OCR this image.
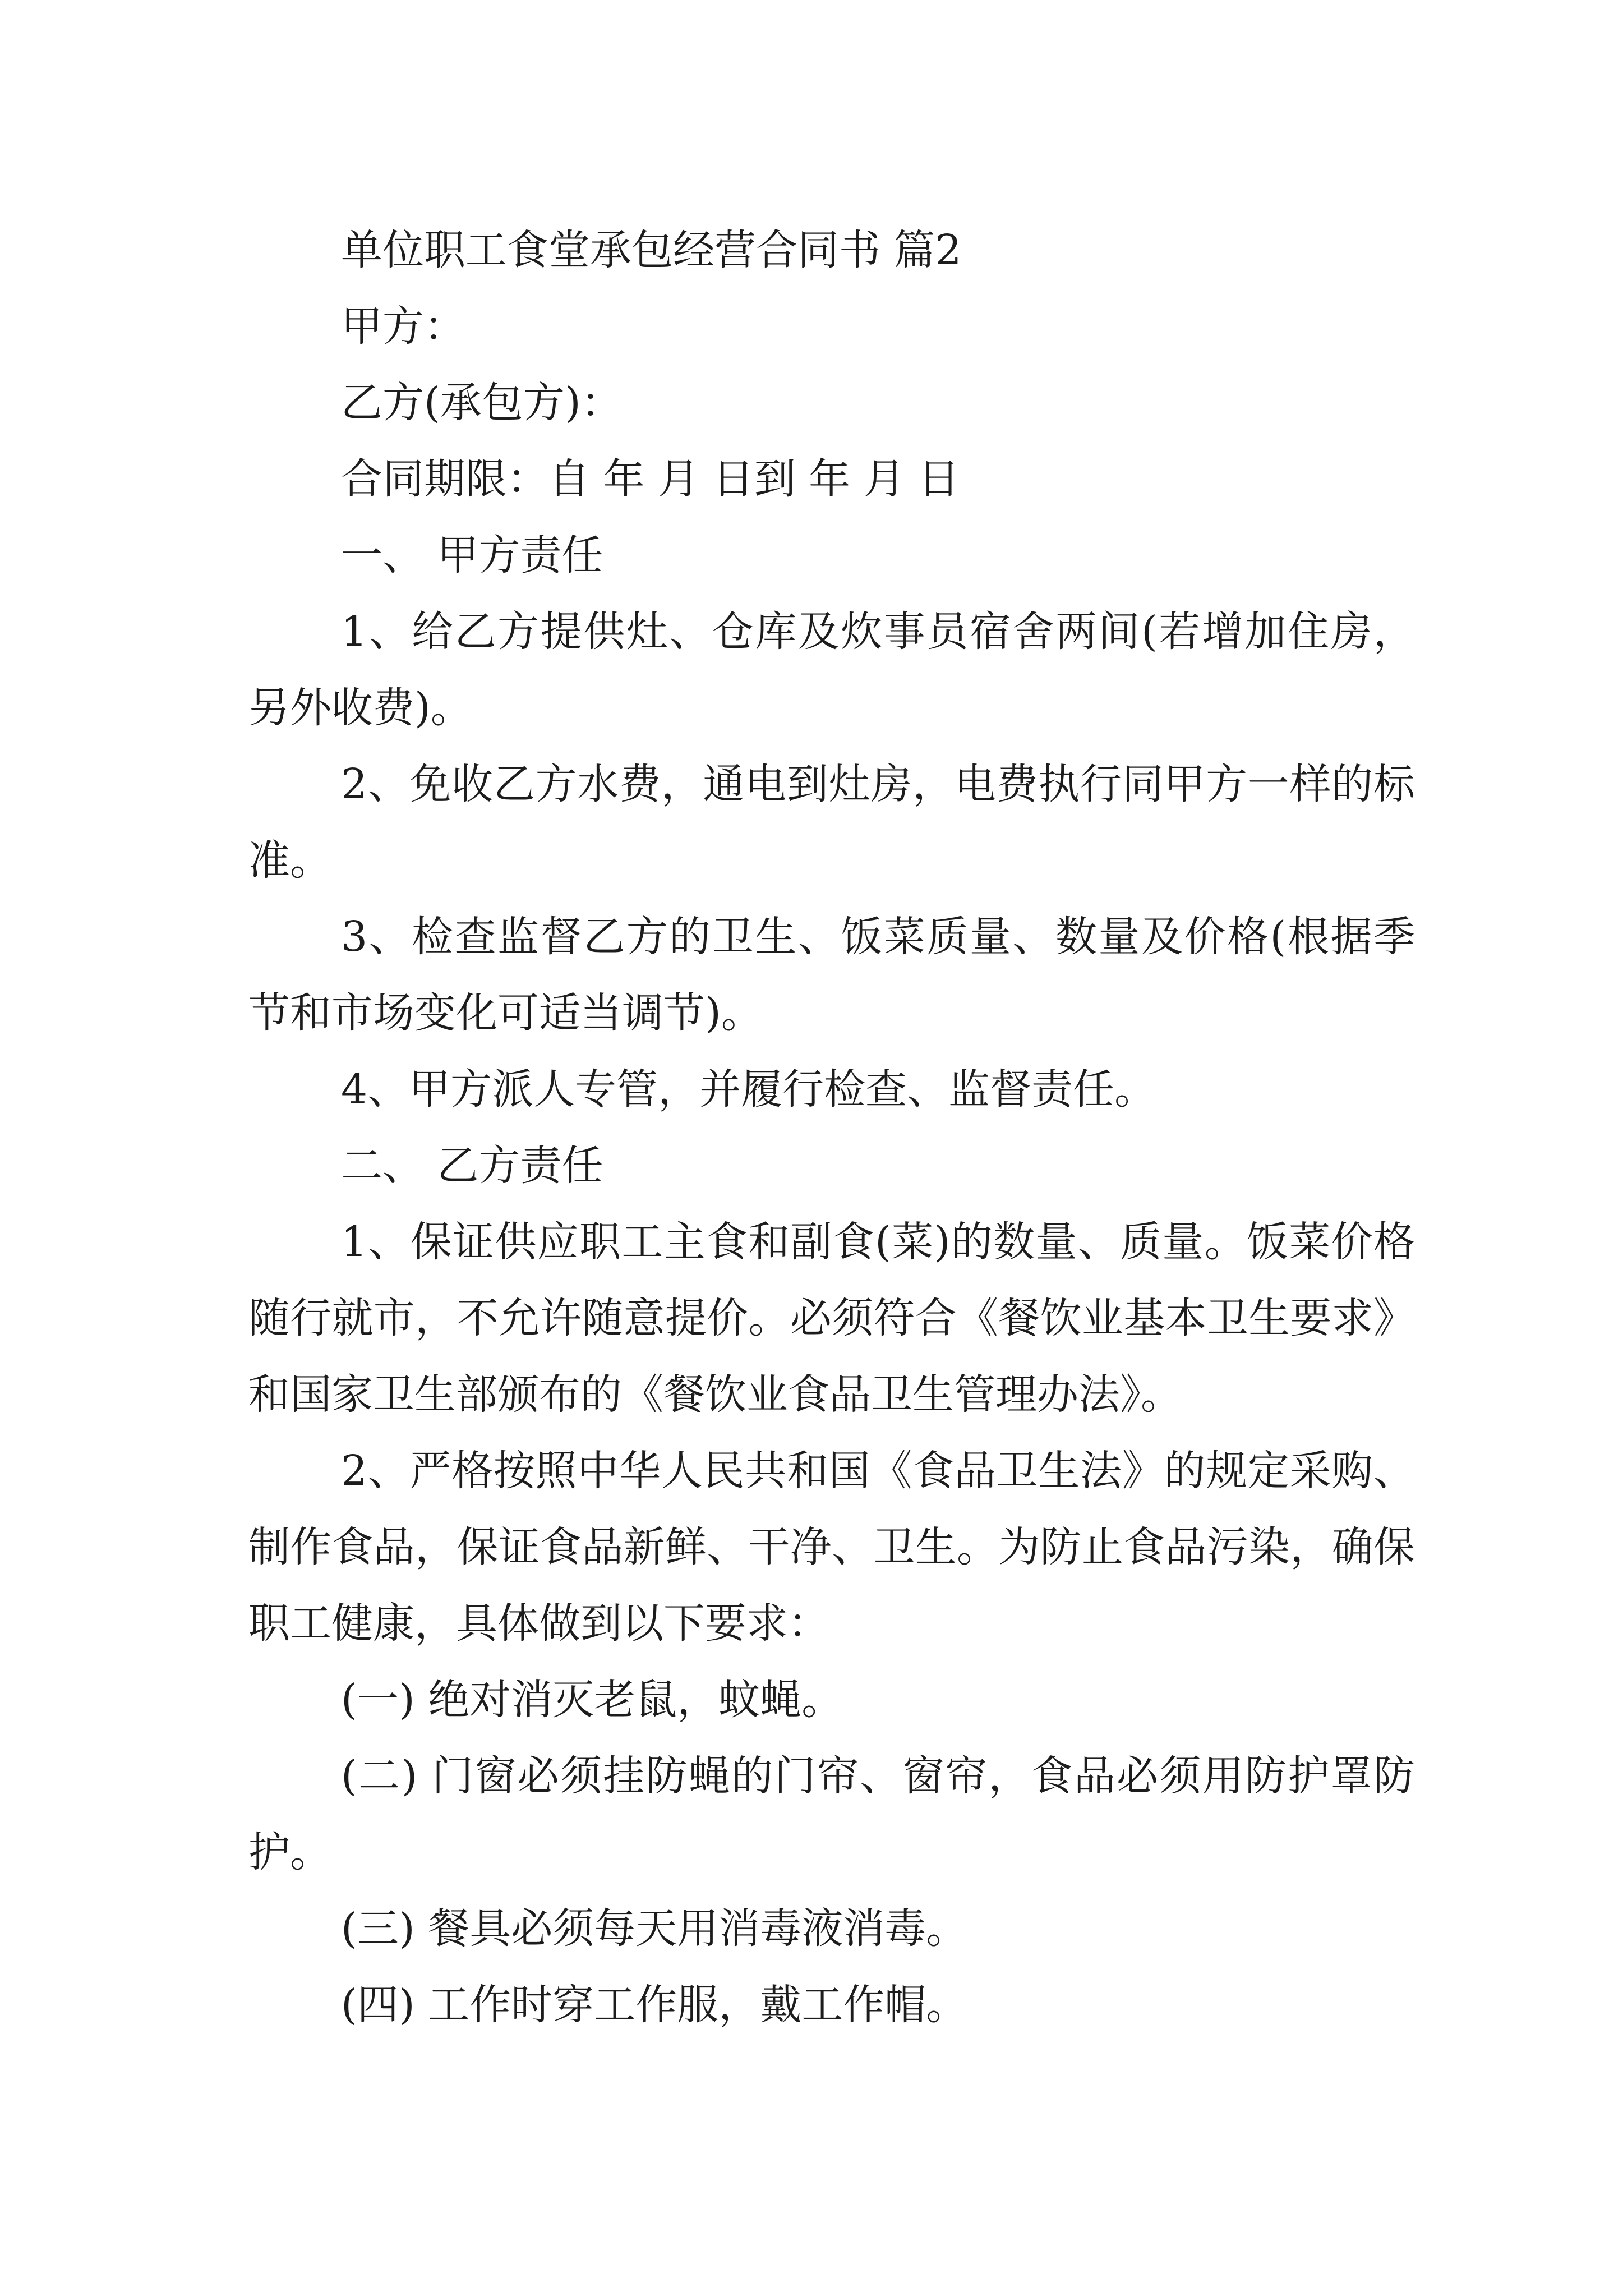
单位职工食堂承包经营合同书 篇2

甲方：

乙方(承包方)：

合同期限：自 年 月 日到 年 月 日

一、 甲方责任

1、给乙方提供灶、仓库及炊事员宿舍两间(若增加住房，另外收费)。

2、免收乙方水费，通电到灶房，电费执行同甲方一样的标准。

3、检查监督乙方的卫生、饭菜质量、数量及价格(根据季节和市场变化可适当调节)。

4、甲方派人专管，并履行检查、监督责任。

二、 乙方责任

1、保证供应职工主食和副食(菜)的数量、质量。饭菜价格随行就市，不允许随意提价。必须符合《餐饮业基本卫生要求》和国家卫生部颁布的《餐饮业食品卫生管理办法》。

2、严格按照中华人民共和国《食品卫生法》的规定采购、制作食品，保证食品新鲜、干净、卫生。为防止食品污染，确保职工健康，具体做到以下要求：

(一) 绝对消灭老鼠，蚊蝇。

(二) 门窗必须挂防蝇的门帘、窗帘，食品必须用防护罩防护。

(三) 餐具必须每天用消毒液消毒。

(四) 工作时穿工作服，戴工作帽。
